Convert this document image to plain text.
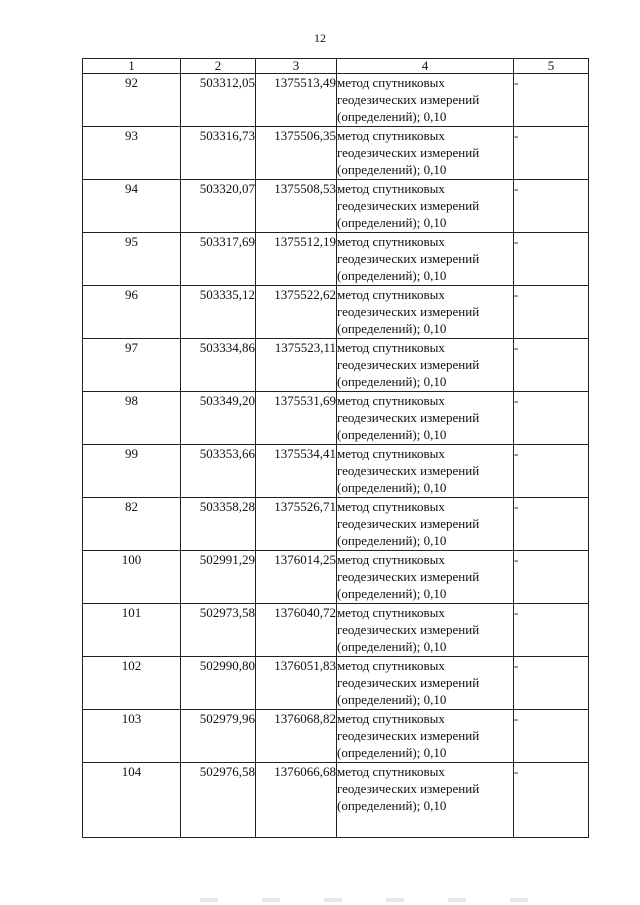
12
1	2	3	4	5
92	503312,05	1375513,49	метод спутниковых геодезических измерений (определений); 0,10	-
93	503316,73	1375506,35	метод спутниковых геодезических измерений (определений); 0,10	-
94	503320,07	1375508,53	метод спутниковых геодезических измерений (определений); 0,10	-
95	503317,69	1375512,19	метод спутниковых геодезических измерений (определений); 0,10	-
96	503335,12	1375522,62	метод спутниковых геодезических измерений (определений); 0,10	-
97	503334,86	1375523,11	метод спутниковых геодезических измерений (определений); 0,10	-
98	503349,20	1375531,69	метод спутниковых геодезических измерений (определений); 0,10	-
99	503353,66	1375534,41	метод спутниковых геодезических измерений (определений); 0,10	-
82	503358,28	1375526,71	метод спутниковых геодезических измерений (определений); 0,10	-
100	502991,29	1376014,25	метод спутниковых геодезических измерений (определений); 0,10	-
101	502973,58	1376040,72	метод спутниковых геодезических измерений (определений); 0,10	-
102	502990,80	1376051,83	метод спутниковых геодезических измерений (определений); 0,10	-
103	502979,96	1376068,82	метод спутниковых геодезических измерений (определений); 0,10	-
104	502976,58	1376066,68	метод спутниковых геодезических измерений (определений); 0,10	-
